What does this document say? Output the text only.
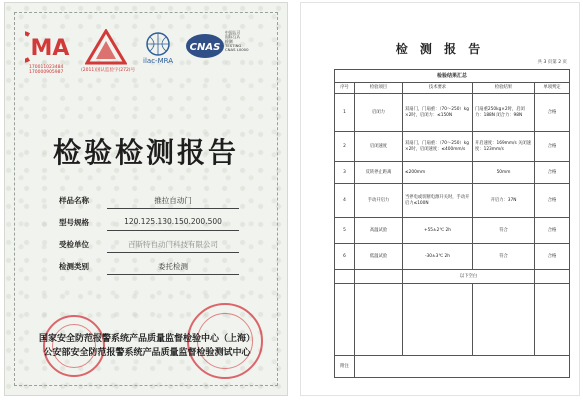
MA
170011023484
170000905987	(2011)国认监验字(272)号
ilac-MRA
CNAS
中国认可
国际互认
检测
TESTING
CNAS L0000
检验检测报告
样品名称	推拉自动门
型号规格	120.125.130.150.200.500
受检单位	百斯特自动门科技有限公司
检测类别	委托检测
国家安全防范报警系统产品质量监督检验中心（上海）
公安部安全防范报警系统产品质量监督检验测试中心
检 测 报 告
共 3 页第 2 页
检验结果汇总				
序号	检验项目	技术要求	检验结果	单项判定
1	启闭力	双扇门，门扇重：（70～250）kg ×2时，启闭力：≤150N	门扇重250kg×2时，启闭力：188N 闭合力：98N	合格
2	启闭速度	双扇门，门扇重：（70～250）kg ×2时，启闭速度：≤400mm/s	开启速度：169mm/s 关闭速度：123mm/s	合格
3	反转停止距离	≤200mm	50mm	合格
4	手动开启力	当停电或切断电源开关时，手动开启力≤100N	开启力：37N	合格
5	高温试验	+55±2℃ 2h	符合	合格
6	低温试验	-30±3℃ 2h	符合	合格
		以下空白		

附注				
